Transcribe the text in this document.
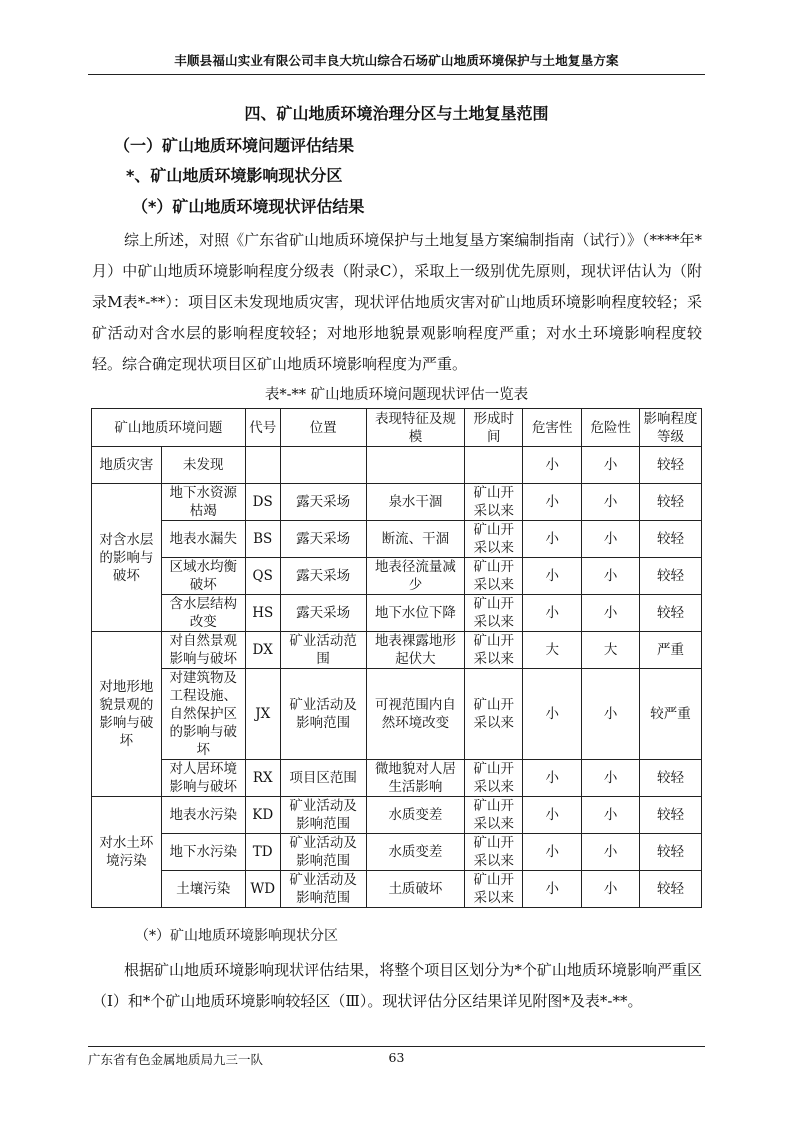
丰顺县福山实业有限公司丰良大坑山综合石场矿山地质环境保护与土地复垦方案
四、矿山地质环境治理分区与土地复垦范围
（一）矿山地质环境问题评估结果
*、矿山地质环境影响现状分区
（*）矿山地质环境现状评估结果
综上所述，对照《广东省矿山地质环境保护与土地复垦方案编制指南（试行）》（****年*月）中矿山地质环境影响程度分级表（附录C），采取上一级别优先原则，现状评估认为（附录M表*-**）：项目区未发现地质灾害，现状评估地质灾害对矿山地质环境影响程度较轻；采矿活动对含水层的影响程度较轻；对地形地貌景观影响程度严重；对水土环境影响程度较轻。综合确定现状项目区矿山地质环境影响程度为严重。
表*-** 矿山地质环境问题现状评估一览表
矿山地质环境问题		代号	位置	表现特征及规模	形成时间	危害性	危险性	影响程度等级
地质灾害	未发现					小	小	较轻
对含水层的影响与破坏	地下水资源枯竭	DS	露天采场	泉水干涸	矿山开采以来	小	小	较轻
	地表水漏失	BS	露天采场	断流、干涸	矿山开采以来	小	小	较轻
	区域水均衡破坏	QS	露天采场	地表径流量减少	矿山开采以来	小	小	较轻
	含水层结构改变	HS	露天采场	地下水位下降	矿山开采以来	小	小	较轻
对地形地貌景观的影响与破坏	对自然景观影响与破坏	DX	矿业活动范围	地表裸露地形起伏大	矿山开采以来	大	大	严重
	对建筑物及工程设施、自然保护区的影响与破坏	JX	矿业活动及影响范围	可视范围内自然环境改变	矿山开采以来	小	小	较严重
	对人居环境影响与破坏	RX	项目区范围	微地貌对人居生活影响	矿山开采以来	小	小	较轻
对水土环境污染	地表水污染	KD	矿业活动及影响范围	水质变差	矿山开采以来	小	小	较轻
	地下水污染	TD	矿业活动及影响范围	水质变差	矿山开采以来	小	小	较轻
	土壤污染	WD	矿业活动及影响范围	土质破坏	矿山开采以来	小	小	较轻
（*）矿山地质环境影响现状分区
根据矿山地质环境影响现状评估结果，将整个项目区划分为*个矿山地质环境影响严重区（Ⅰ）和*个矿山地质环境影响较轻区（Ⅲ）。现状评估分区结果详见附图*及表*-**。
广东省有色金属地质局九三一队	63
